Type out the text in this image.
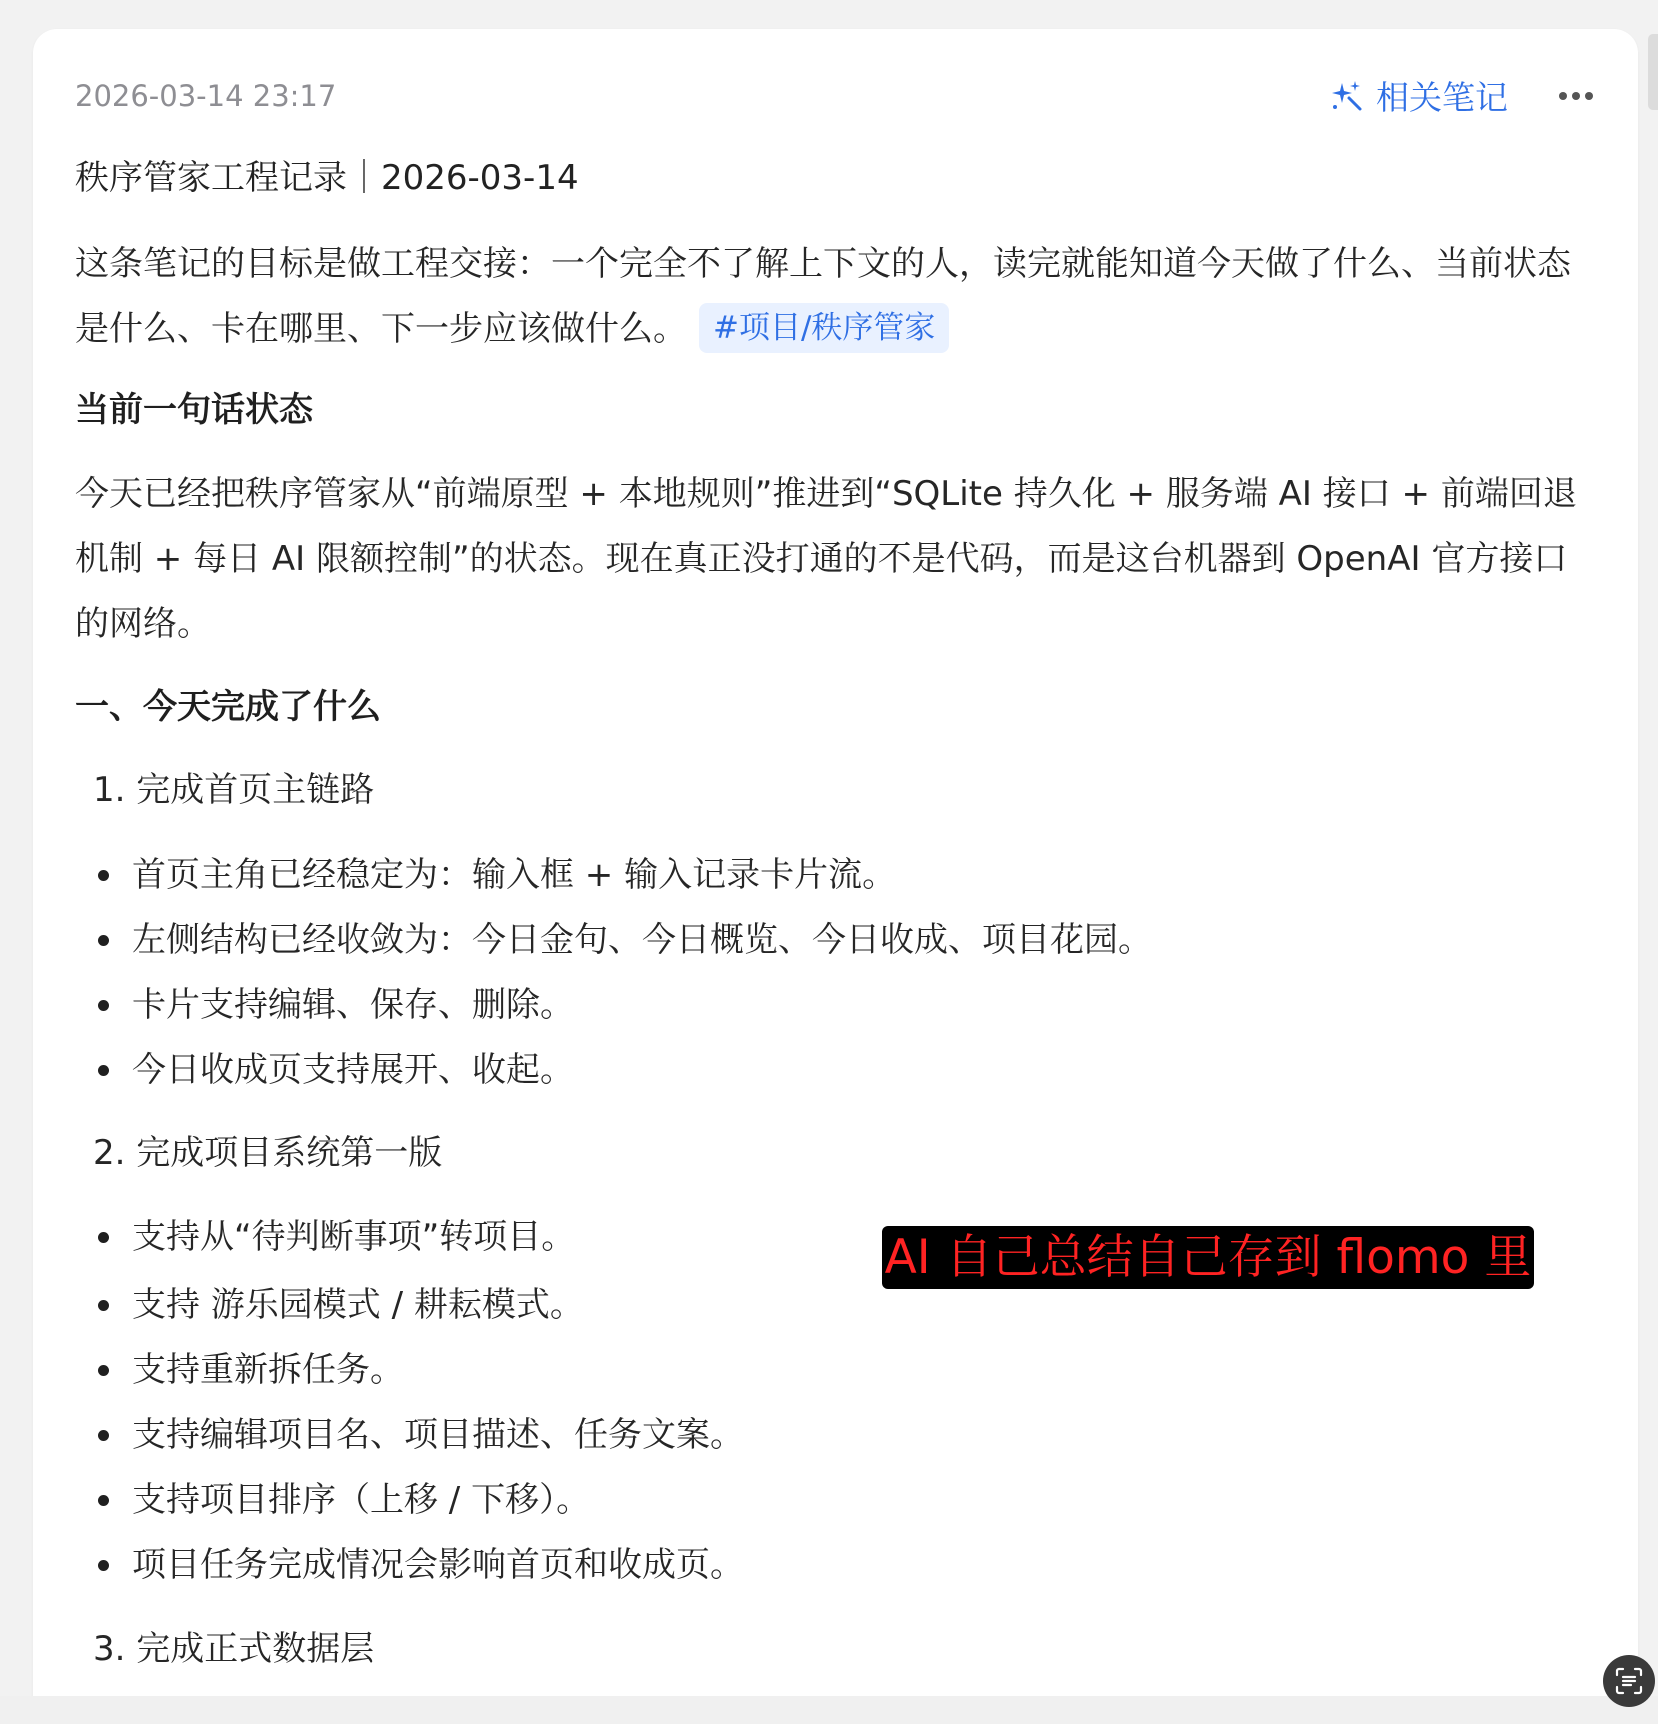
2026-03-14 23:17	相关笔记
秩序管家工程记录｜2026-03-14
这条笔记的目标是做工程交接：一个完全不了解上下文的人，读完就能知道今天做了什么、当前状态是什么、卡在哪里、下一步应该做什么。 #项目/秩序管家
当前一句话状态
今天已经把秩序管家从“前端原型 + 本地规则”推进到“SQLite 持久化 + 服务端 AI 接口 + 前端回退机制 + 每日 AI 限额控制”的状态。现在真正没打通的不是代码，而是这台机器到 OpenAI 官方接口的网络。
一、今天完成了什么
1. 完成首页主链路
首页主角已经稳定为：输入框 + 输入记录卡片流。
左侧结构已经收敛为：今日金句、今日概览、今日收成、项目花园。
卡片支持编辑、保存、删除。
今日收成页支持展开、收起。
2. 完成项目系统第一版
支持从“待判断事项”转项目。
支持 游乐园模式 / 耕耘模式。
支持重新拆任务。
支持编辑项目名、项目描述、任务文案。
支持项目排序（上移 / 下移）。
项目任务完成情况会影响首页和收成页。
3. 完成正式数据层
AI 自己总结自己存到 flomo 里
